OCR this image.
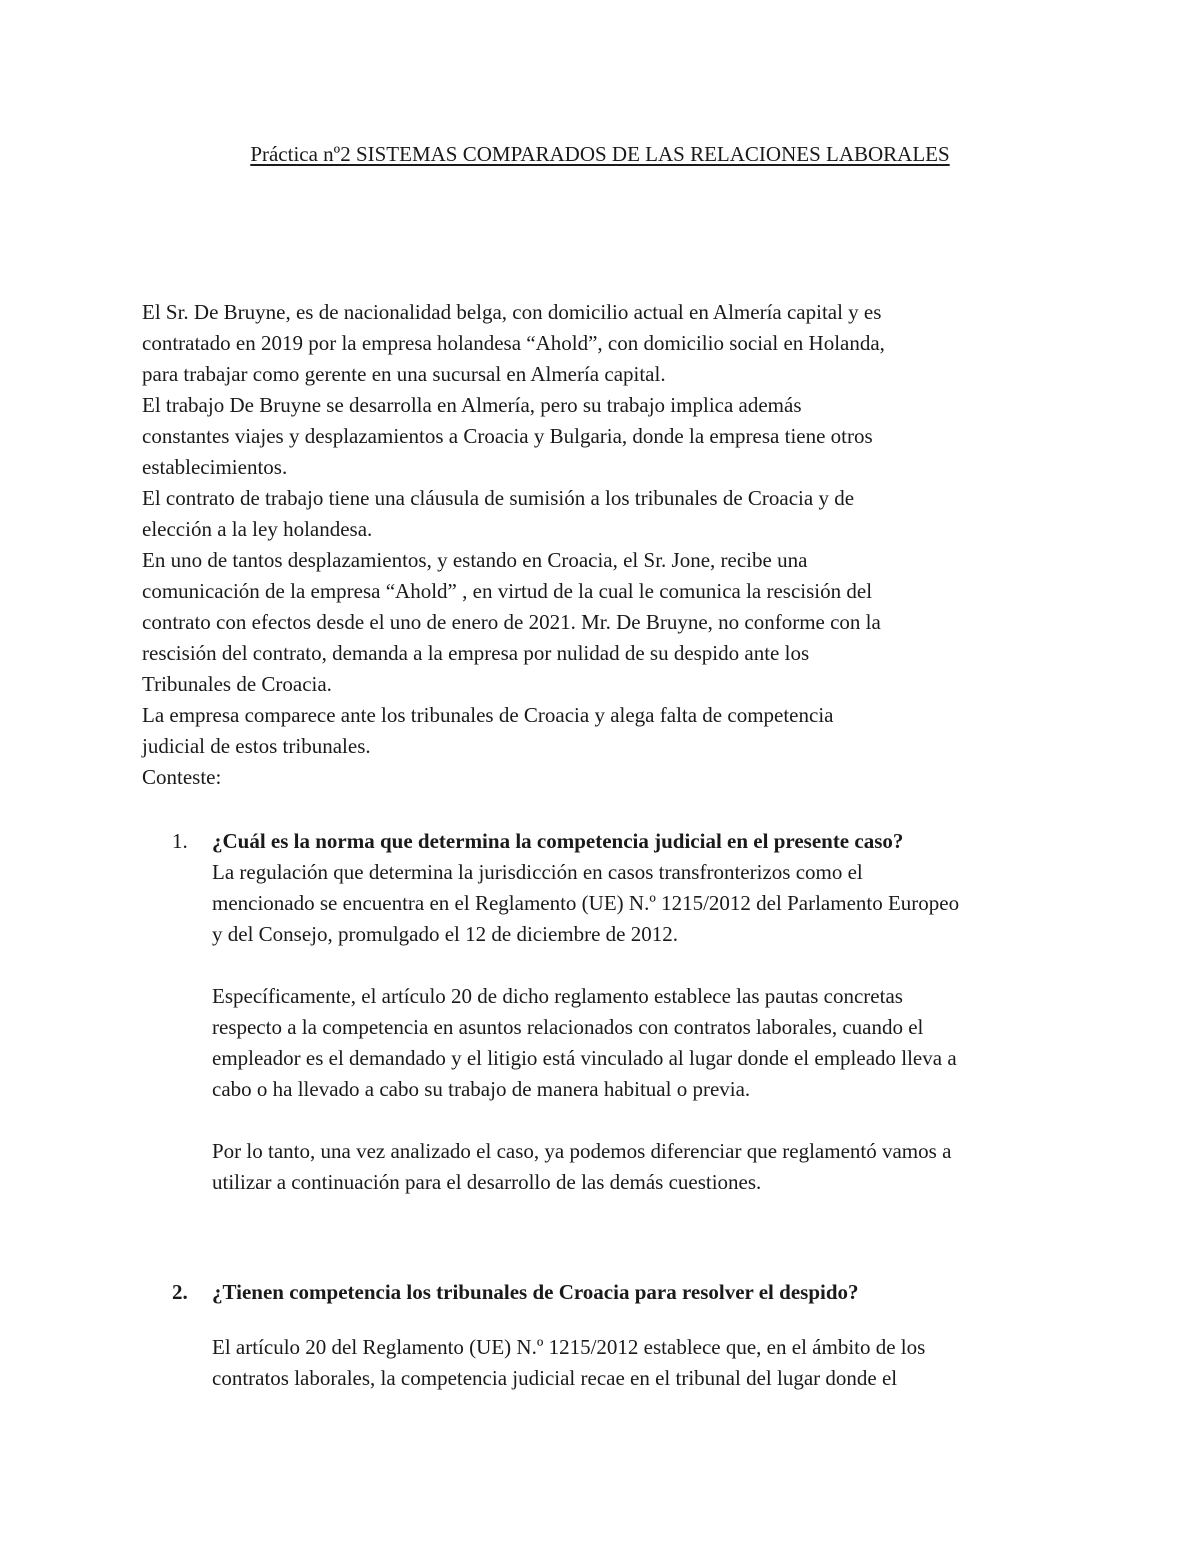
Práctica nº2 SISTEMAS COMPARADOS DE LAS RELACIONES LABORALES
El Sr. De Bruyne, es de nacionalidad belga, con domicilio actual en Almería capital y es
contratado en 2019 por la empresa holandesa “Ahold”, con domicilio social en Holanda,
para trabajar como gerente en una sucursal en Almería capital.
El trabajo De Bruyne se desarrolla en Almería, pero su trabajo implica además
constantes viajes y desplazamientos a Croacia y Bulgaria, donde la empresa tiene otros
establecimientos.
El contrato de trabajo tiene una cláusula de sumisión a los tribunales de Croacia y de
elección a la ley holandesa.
En uno de tantos desplazamientos, y estando en Croacia, el Sr. Jone, recibe una
comunicación de la empresa “Ahold” , en virtud de la cual le comunica la rescisión del
contrato con efectos desde el uno de enero de 2021. Mr. De Bruyne, no conforme con la
rescisión del contrato, demanda a la empresa por nulidad de su despido ante los
Tribunales de Croacia.
La empresa comparece ante los tribunales de Croacia y alega falta de competencia
judicial de estos tribunales.
Conteste:
1. ¿Cuál es la norma que determina la competencia judicial en el presente caso?
La regulación que determina la jurisdicción en casos transfronterizos como el
mencionado se encuentra en el Reglamento (UE) N.º 1215/2012 del Parlamento Europeo
y del Consejo, promulgado el 12 de diciembre de 2012.

Específicamente, el artículo 20 de dicho reglamento establece las pautas concretas
respecto a la competencia en asuntos relacionados con contratos laborales, cuando el
empleador es el demandado y el litigio está vinculado al lugar donde el empleado lleva a
cabo o ha llevado a cabo su trabajo de manera habitual o previa.

Por lo tanto, una vez analizado el caso, ya podemos diferenciar que reglamentó vamos a
utilizar a continuación para el desarrollo de las demás cuestiones.
2. ¿Tienen competencia los tribunales de Croacia para resolver el despido?
El artículo 20 del Reglamento (UE) N.º 1215/2012 establece que, en el ámbito de los
contratos laborales, la competencia judicial recae en el tribunal del lugar donde el
